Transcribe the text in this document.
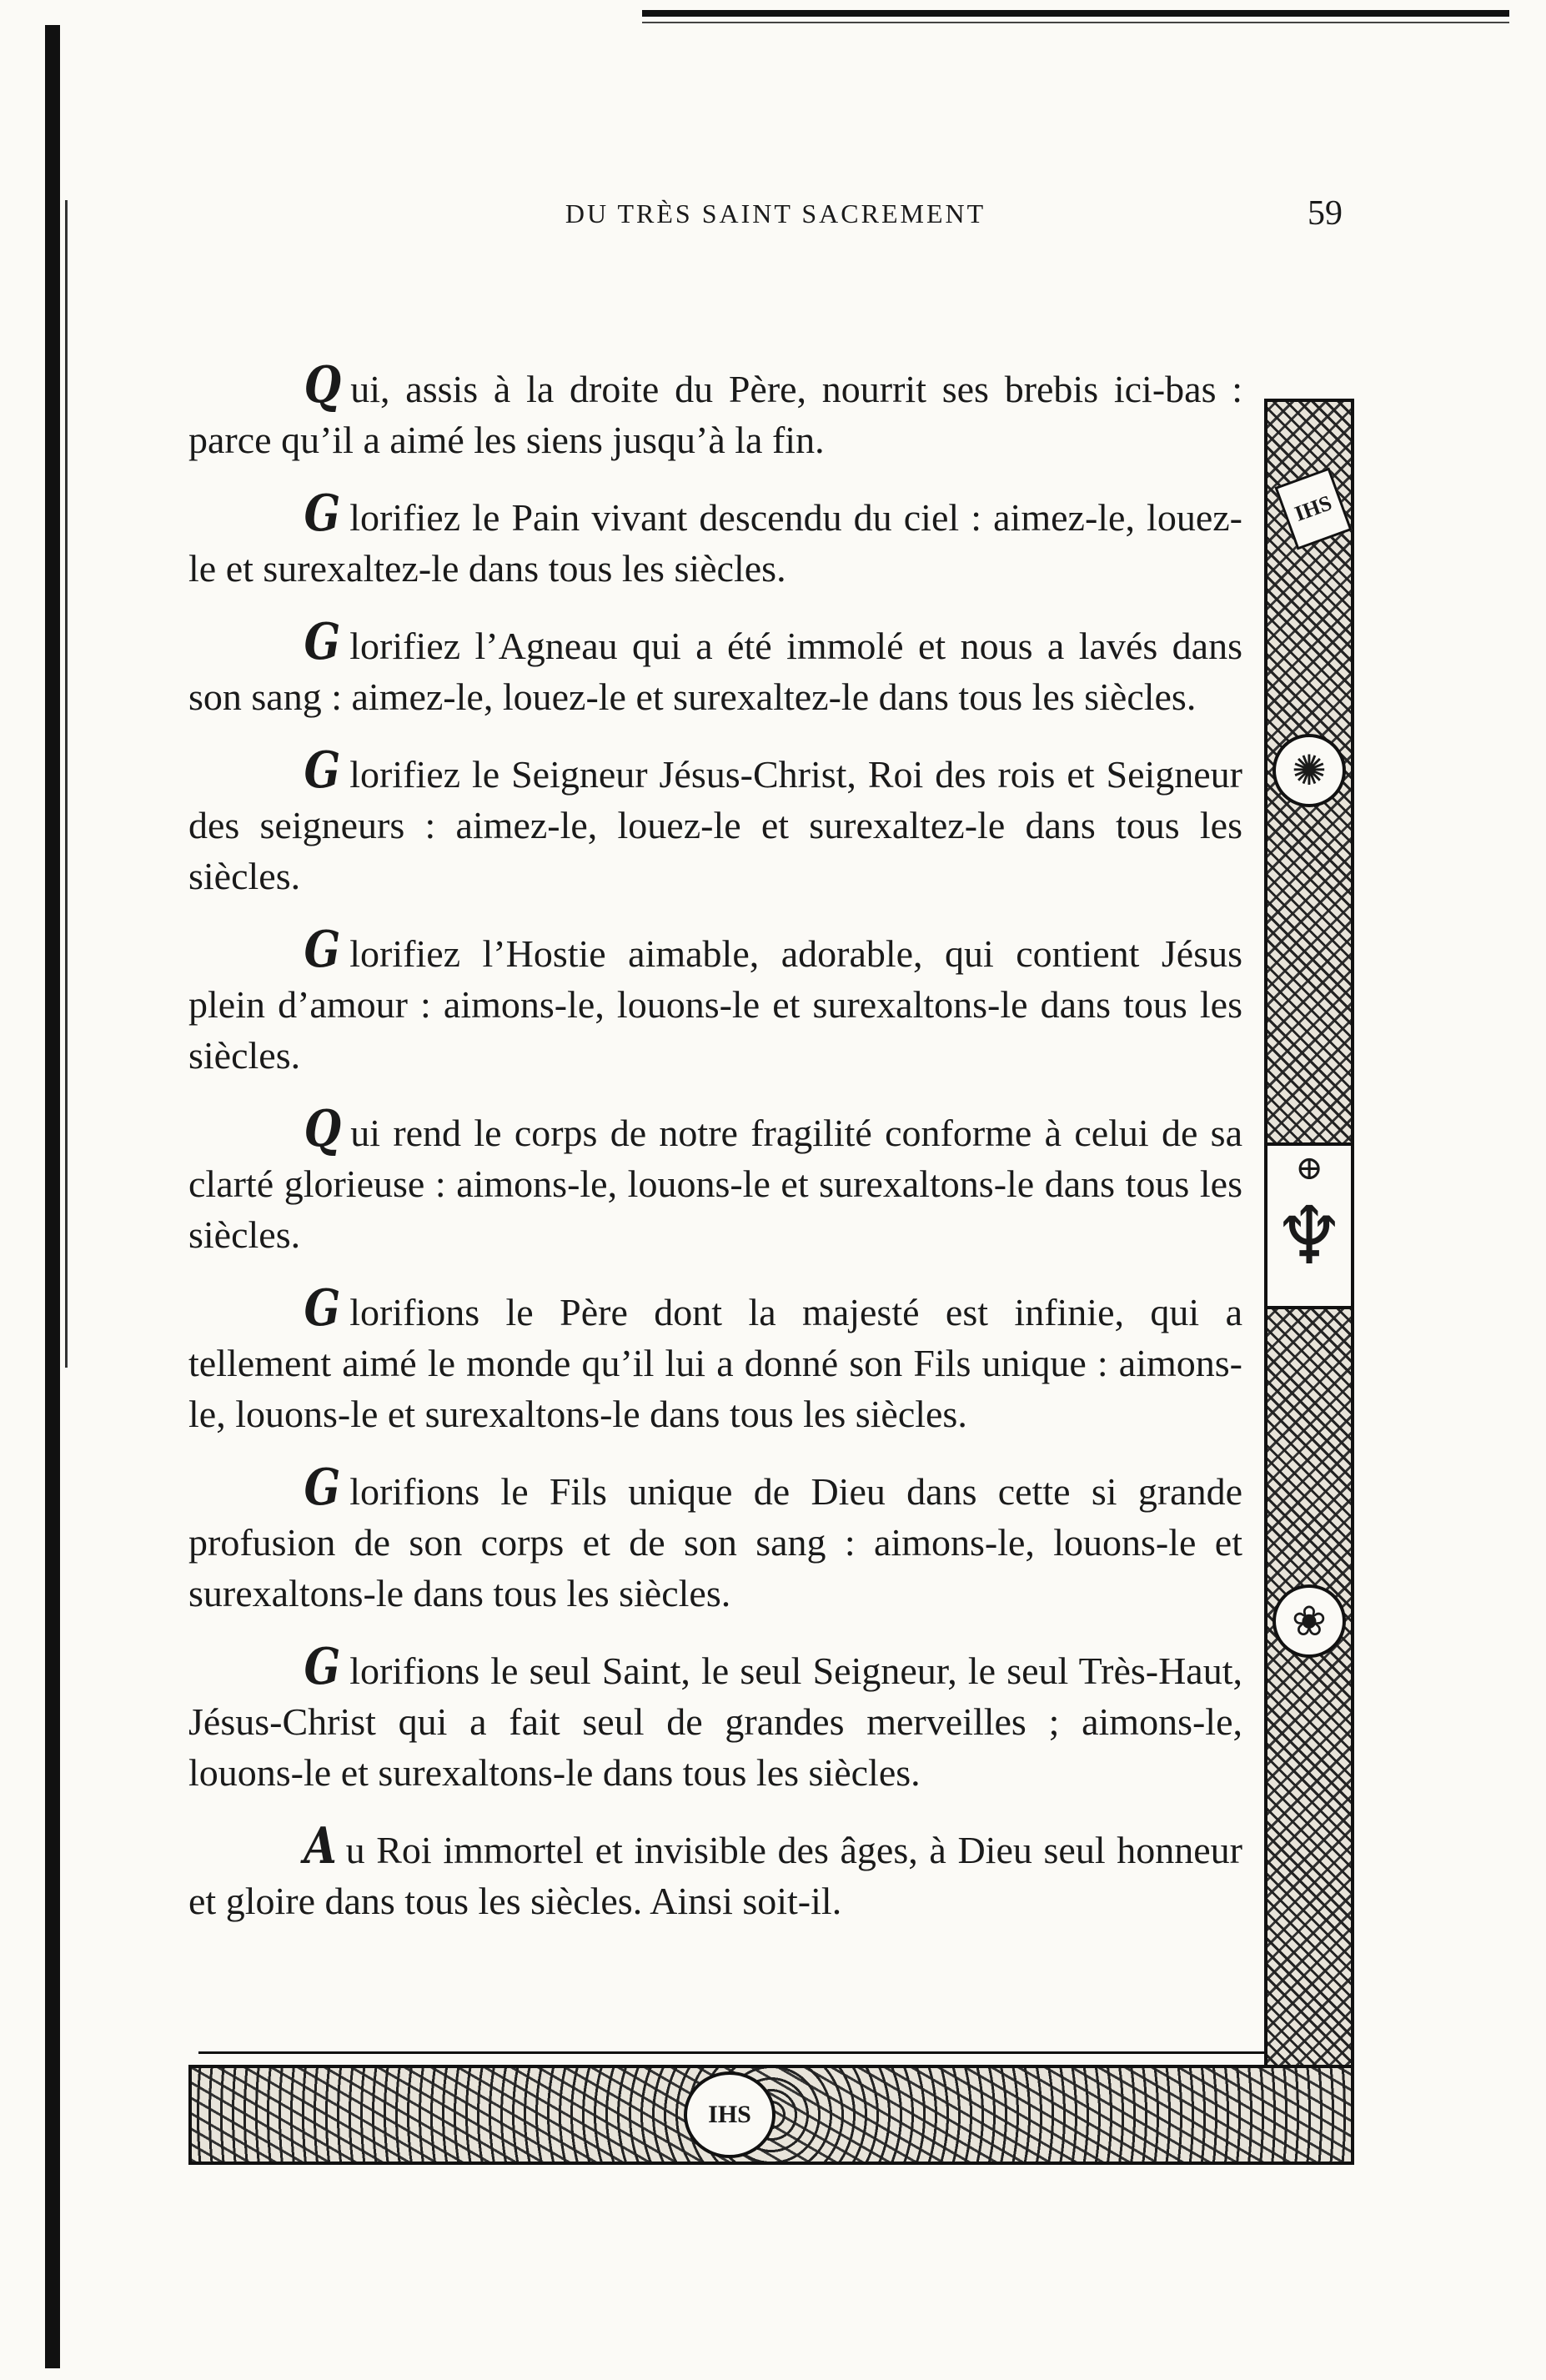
DU TRÈS SAINT SACREMENT	59

Q ui, assis à la droite du Père, nourrit ses brebis ici-bas : parce qu’il a aimé les siens jusqu’à la fin.

G lorifiez le Pain vivant descendu du ciel : aimez-le, louez-le et surexaltez-le dans tous les siècles.

G lorifiez l’Agneau qui a été immolé et nous a lavés dans son sang : aimez-le, louez-le et surexaltez-le dans tous les siècles.

G lorifiez le Seigneur Jésus-Christ, Roi des rois et Seigneur des seigneurs : aimez-le, louez-le et surexaltez-le dans tous les siècles.

G lorifiez l’Hostie aimable, adorable, qui contient Jésus plein d’amour : aimons-le, louons-le et surexaltons-le dans tous les siècles.

Q ui rend le corps de notre fragilité conforme à celui de sa clarté glorieuse : aimons-le, louons-le et surexaltons-le dans tous les siècles.

G lorifions le Père dont la majesté est infinie, qui a tellement aimé le monde qu’il lui a donné son Fils unique : aimons-le, louons-le et surexaltons-le dans tous les siècles.

G lorifions le Fils unique de Dieu dans cette si grande profusion de son corps et de son sang : aimons-le, louons-le et surexaltons-le dans tous les siècles.

G lorifions le seul Saint, le seul Seigneur, le seul Très-Haut, Jésus-Christ qui a fait seul de grandes merveilles ; aimons-le, louons-le et surexaltons-le dans tous les siècles.

A u Roi immortel et invisible des âges, à Dieu seul honneur et gloire dans tous les siècles. Ainsi soit-il.

IHS
✺
⊕
♆
❀
IHS
